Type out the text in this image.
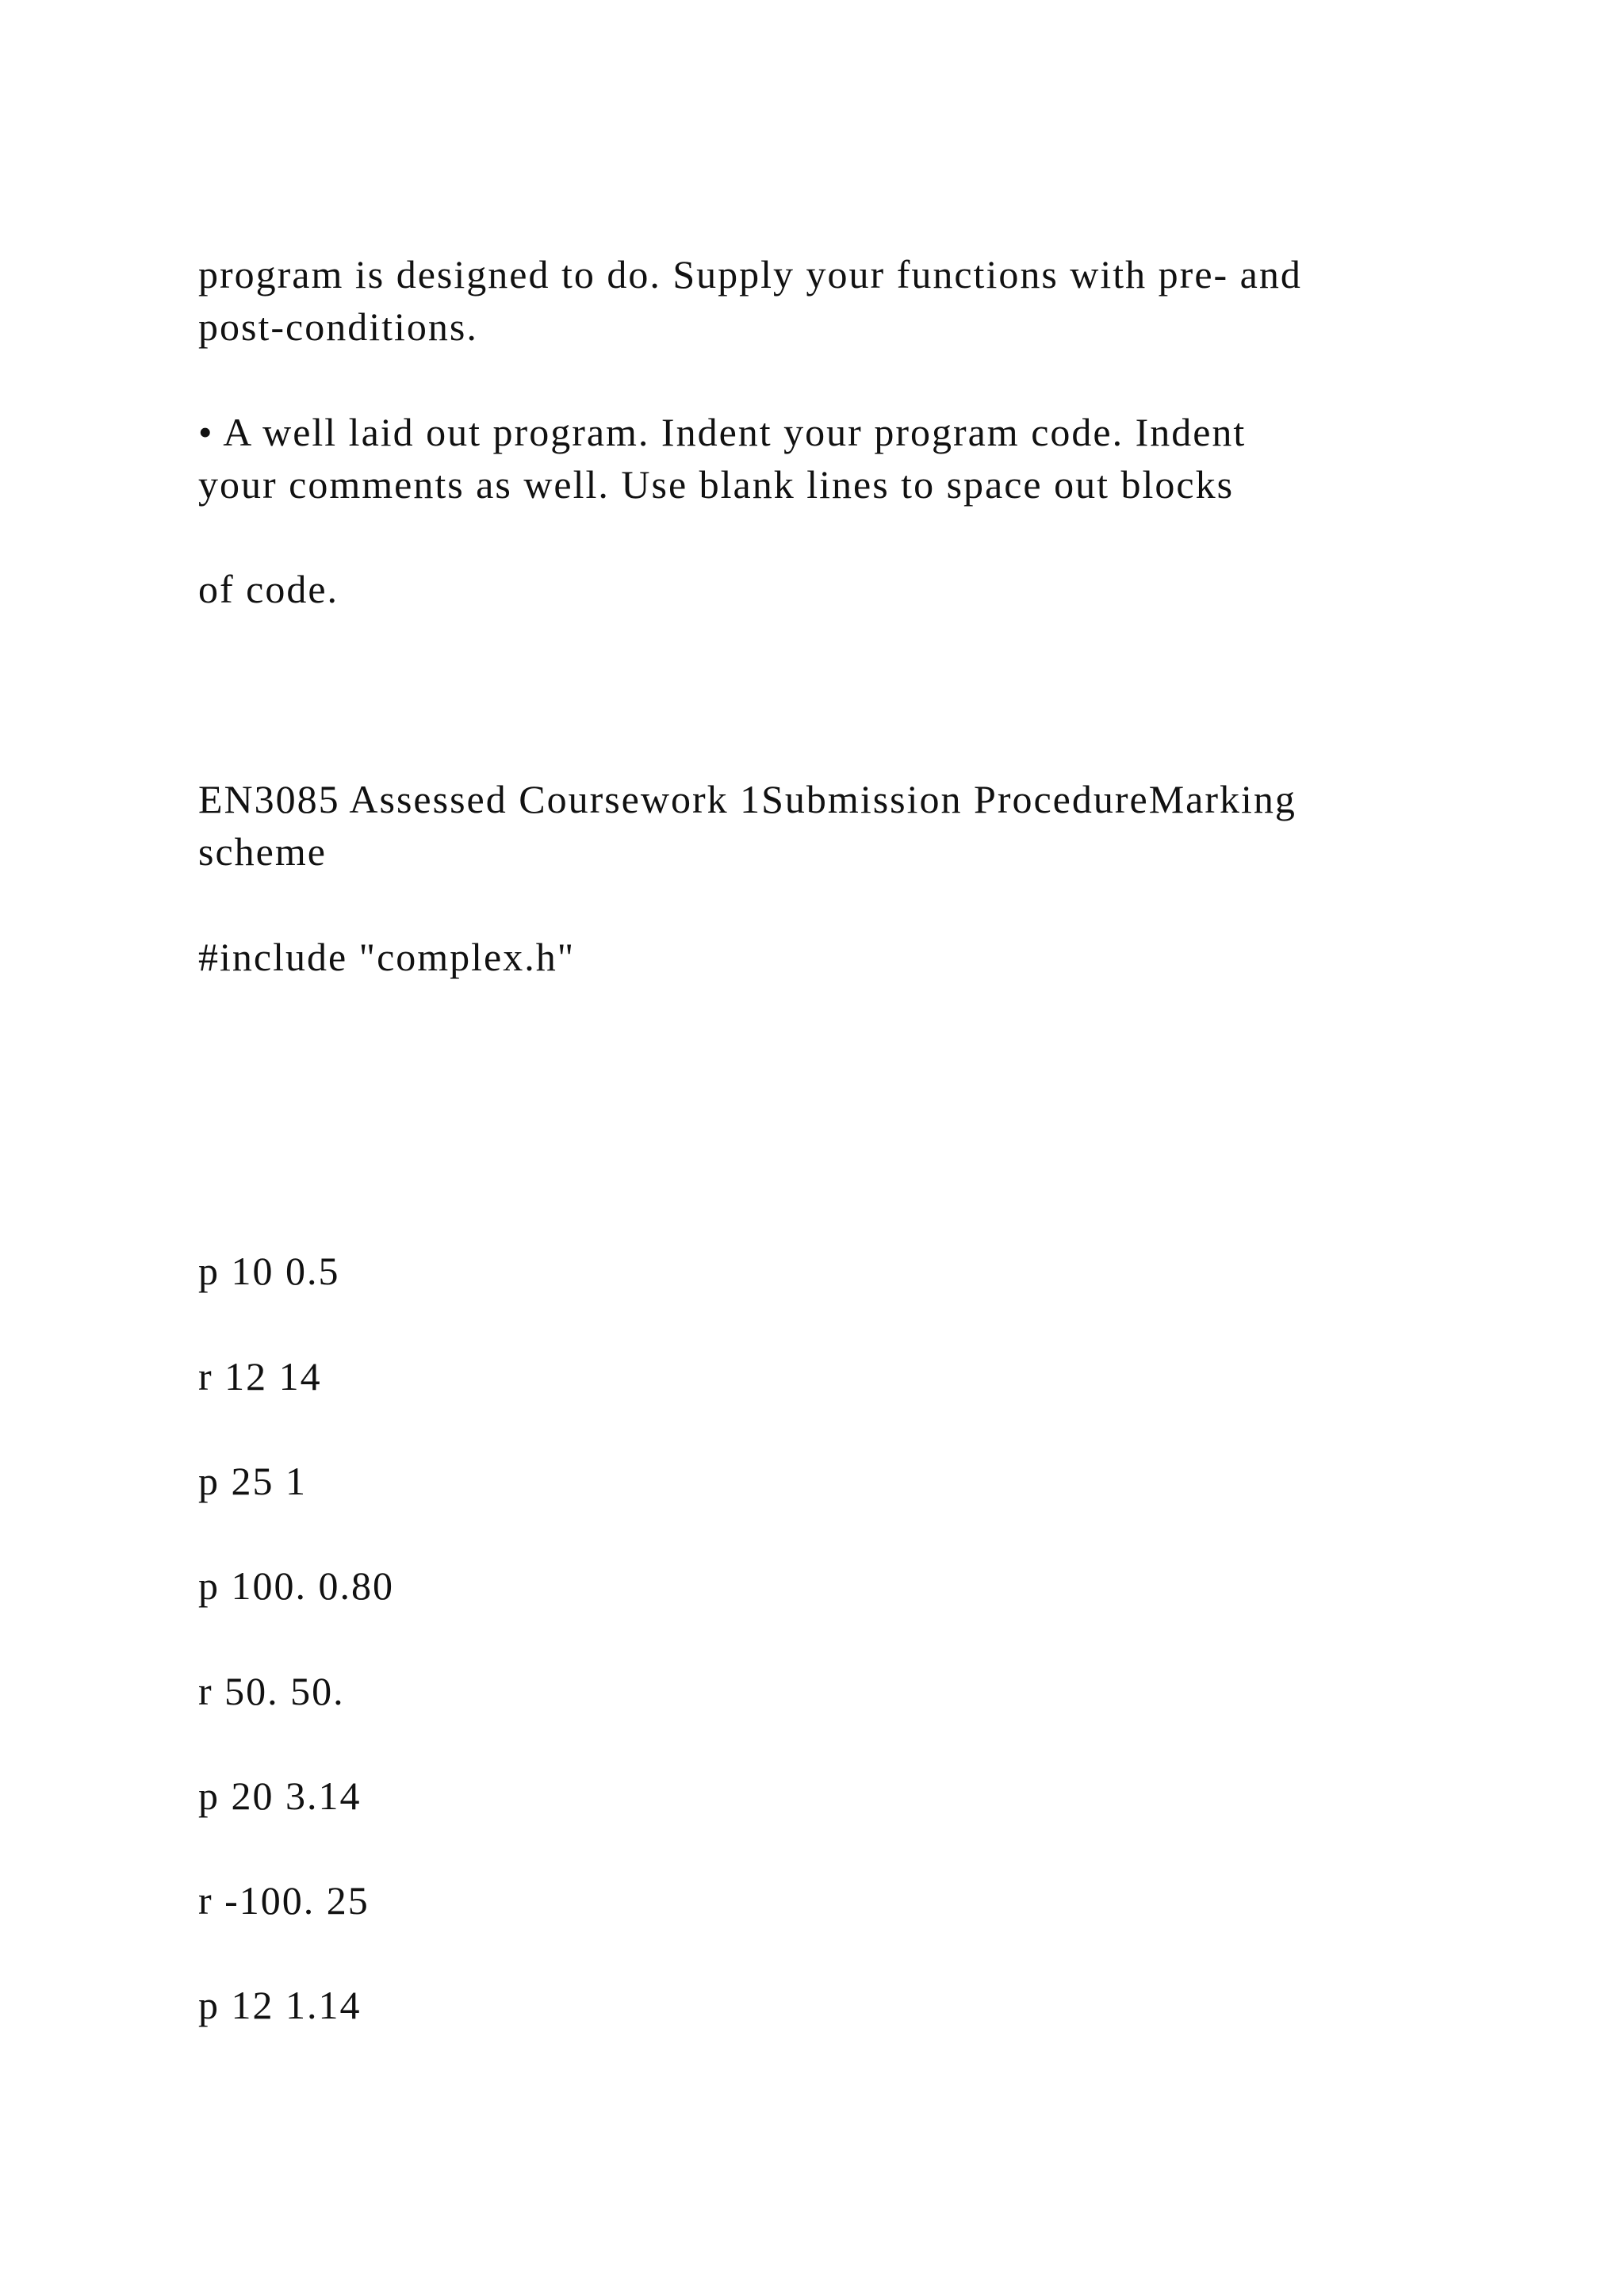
program is designed to do. Supply your functions with pre- and
post-conditions.
• A well laid out program. Indent your program code. Indent
your comments as well. Use blank lines to space out blocks
of code.
EN3085 Assessed Coursework 1Submission ProcedureMarking
scheme
#include "complex.h"
p 10 0.5
r 12 14
p 25 1
p 100. 0.80
r 50. 50.
p 20 3.14
r -100. 25
p 12 1.14
